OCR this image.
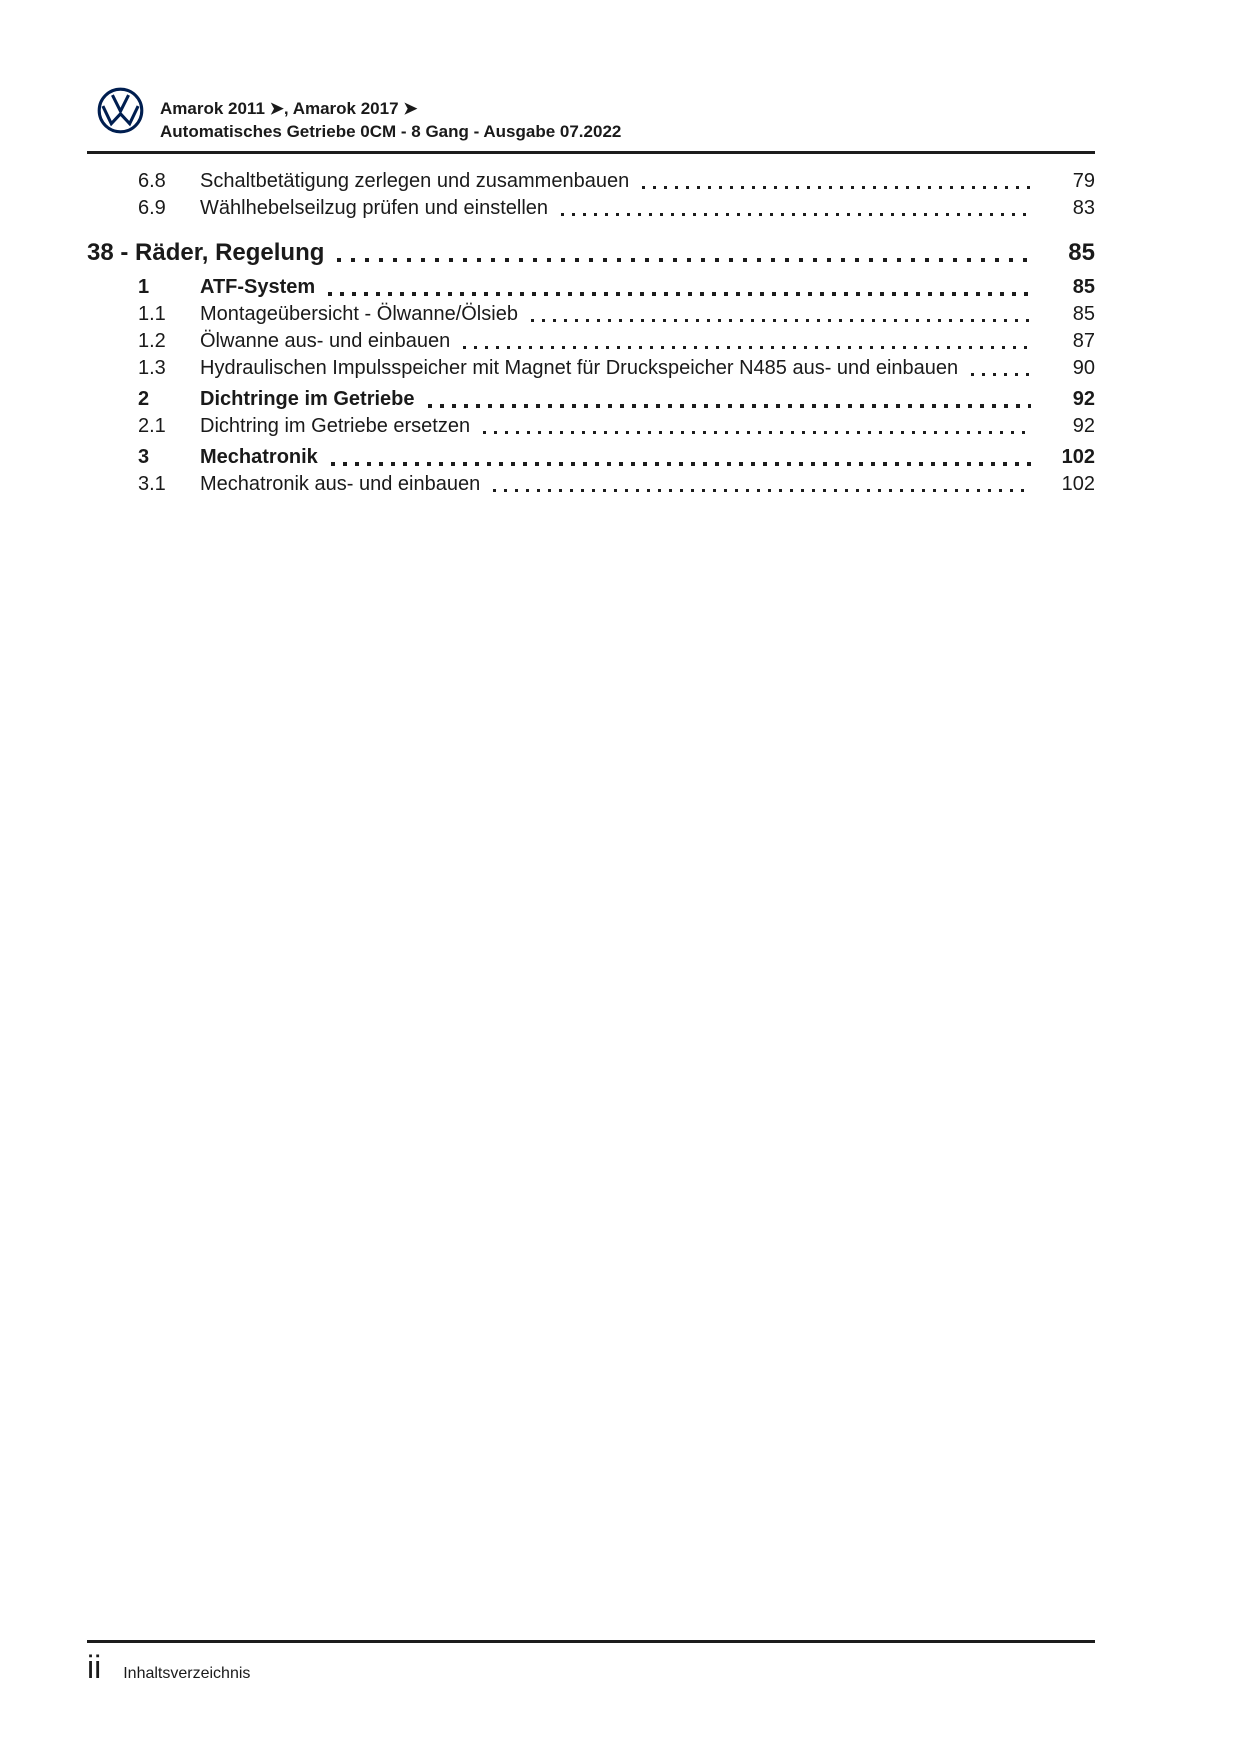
Amarok 2011 ➤, Amarok 2017 ➤
Automatisches Getriebe 0CM - 8 Gang - Ausgabe 07.2022
6.8	Schaltbetätigung zerlegen und zusammenbauen	79
6.9	Wählhebelseilzug prüfen und einstellen	83
38 - Räder, Regelung	85
1	ATF-System	85
1.1	Montageübersicht - Ölwanne/Ölsieb	85
1.2	Ölwanne aus- und einbauen	87
1.3	Hydraulischen Impulsspeicher mit Magnet für Druckspeicher N485 aus- und einbauen	90
2	Dichtringe im Getriebe	92
2.1	Dichtring im Getriebe ersetzen	92
3	Mechatronik	102
3.1	Mechatronik aus- und einbauen	102
ii Inhaltsverzeichnis
